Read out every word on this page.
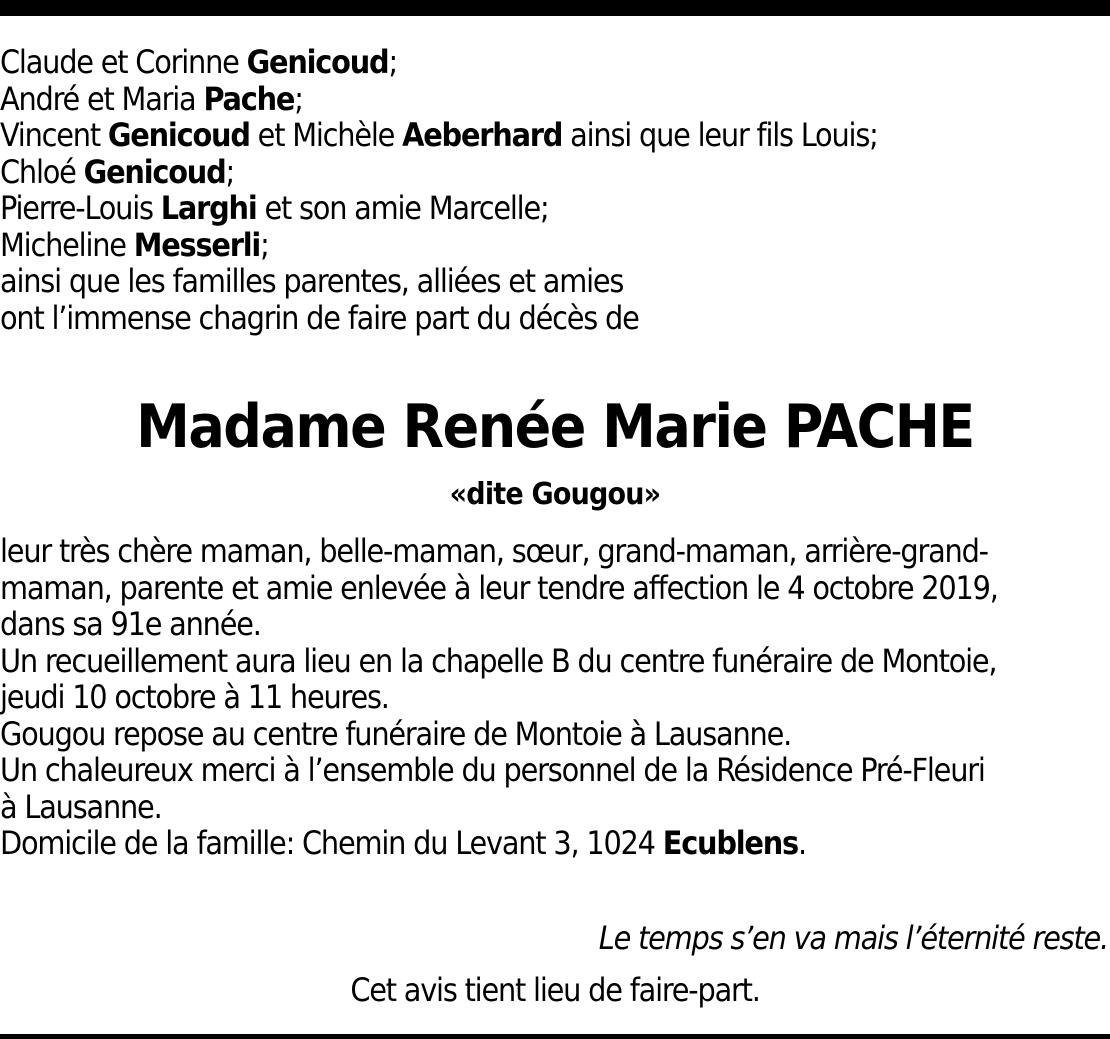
Claude et Corinne Genicoud;
André et Maria Pache;
Vincent Genicoud et Michèle Aeberhard ainsi que leur fils Louis;
Chloé Genicoud;
Pierre-Louis Larghi et son amie Marcelle;
Micheline Messerli;
ainsi que les familles parentes, alliées et amies
ont l’immense chagrin de faire part du décès de
Madame Renée Marie PACHE
«dite Gougou»
leur très chère maman, belle-maman, sœur, grand-maman, arrière-grand-
maman, parente et amie enlevée à leur tendre affection le 4 octobre 2019,
dans sa 91e année.
Un recueillement aura lieu en la chapelle B du centre funéraire de Montoie,
jeudi 10 octobre à 11 heures.
Gougou repose au centre funéraire de Montoie à Lausanne.
Un chaleureux merci à l’ensemble du personnel de la Résidence Pré-Fleuri
à Lausanne.
Domicile de la famille: Chemin du Levant 3, 1024 Ecublens.
Le temps s’en va mais l’éternité reste.
Cet avis tient lieu de faire-part.
